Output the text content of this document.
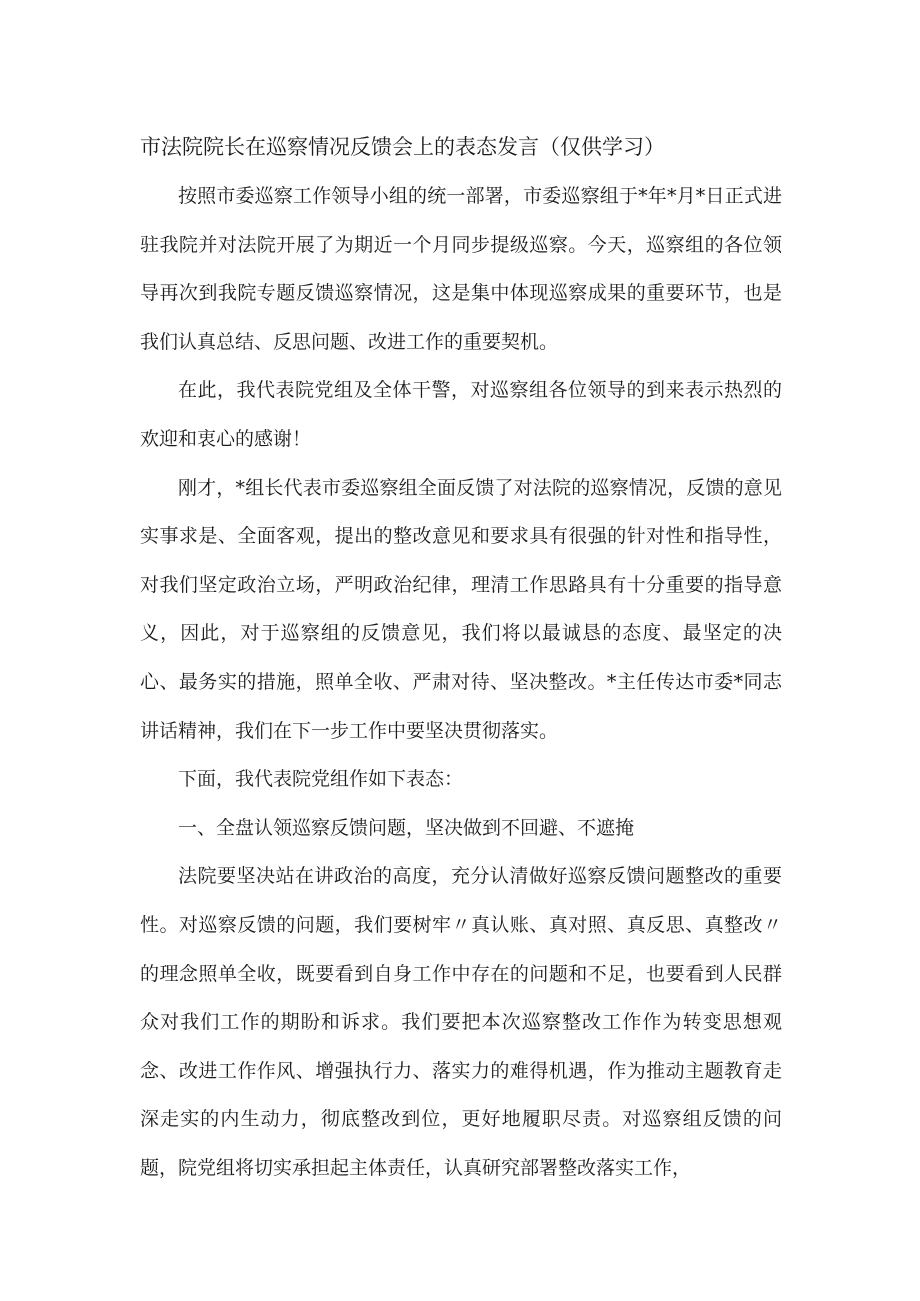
市法院院长在巡察情况反馈会上的表态发言（仅供学习）

按照市委巡察工作领导小组的统一部署，市委巡察组于*年*月*日正式进驻我院并对法院开展了为期近一个月同步提级巡察。今天，巡察组的各位领导再次到我院专题反馈巡察情况，这是集中体现巡察成果的重要环节，也是我们认真总结、反思问题、改进工作的重要契机。

在此，我代表院党组及全体干警，对巡察组各位领导的到来表示热烈的欢迎和衷心的感谢！

刚才，*组长代表市委巡察组全面反馈了对法院的巡察情况，反馈的意见实事求是、全面客观，提出的整改意见和要求具有很强的针对性和指导性，对我们坚定政治立场，严明政治纪律，理清工作思路具有十分重要的指导意义，因此，对于巡察组的反馈意见，我们将以最诚恳的态度、最坚定的决心、最务实的措施，照单全收、严肃对待、坚决整改。*主任传达市委*同志讲话精神，我们在下一步工作中要坚决贯彻落实。

下面，我代表院党组作如下表态：

一、全盘认领巡察反馈问题，坚决做到不回避、不遮掩

法院要坚决站在讲政治的高度，充分认清做好巡察反馈问题整改的重要性。对巡察反馈的问题，我们要树牢〃真认账、真对照、真反思、真整改〃的理念照单全收，既要看到自身工作中存在的问题和不足，也要看到人民群众对我们工作的期盼和诉求。我们要把本次巡察整改工作作为转变思想观念、改进工作作风、增强执行力、落实力的难得机遇，作为推动主题教育走深走实的内生动力，彻底整改到位，更好地履职尽责。对巡察组反馈的问题，院党组将切实承担起主体责任，认真研究部署整改落实工作，
